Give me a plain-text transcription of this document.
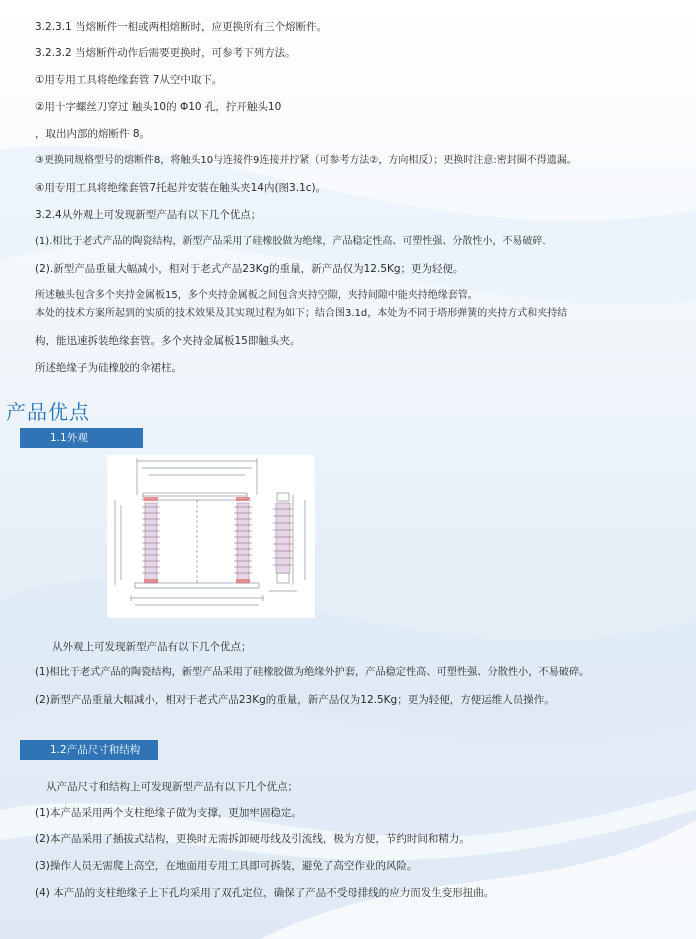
3.2.3.1 当熔断件一相或两相熔断时，应更换所有三个熔断件。
3.2.3.2 当熔断件动作后需要更换时，可参考下列方法。
①用专用工具将绝缘套管 7从空中取下。
②用十字螺丝刀穿过 触头10的 Φ10 孔，拧开触头10
，取出内部的熔断件 8。
③更换同规格型号的熔断件8，将触头10与连接件9连接并拧紧（可参考方法②，方向相反）；更换时注意:密封圈不得遗漏。
④用专用工具将绝缘套管7托起并安装在触头夹14内(图3.1c)。
3.2.4从外观上可发现新型产品有以下几个优点；
(1).相比于老式产品的陶瓷结构，新型产品采用了硅橡胶做为绝缘，产品稳定性高、可塑性强、分散性小，不易破碎.
(2).新型产品重量大幅减小，相对于老式产品23Kg的重量，新产品仅为12.5Kg；更为轻便。
所述触头包含多个夹持金属板15，多个夹持金属板之间包含夹持空隙，夹持间隙中能夹持绝缘套管。
本处的技术方案所起到的实质的技术效果及其实现过程为如下；结合图3.1d，本处为不同于塔形弹簧的夹持方式和夹持结
构，能迅速拆装绝缘套管。多个夹持金属板15即触头夹。
所述绝缘子为硅橡胶的伞裙柱。
产品优点
1.1外观
从外观上可发现新型产品有以下几个优点；
(1)相比于老式产品的陶瓷结构，新型产品采用了硅橡胶做为绝缘外护套，产品稳定性高、可塑性强、分散性小，不易破碎。
(2)新型产品重量大幅减小，相对于老式产品23Kg的重量，新产品仅为12.5Kg；更为轻便，方便运维人员操作。
1.2产品尺寸和结构
从产品尺寸和结构上可发现新型产品有以下几个优点；
(1)本产品采用两个支柱绝缘子做为支撑，更加牢固稳定。
(2)本产品采用了插拔式结构，更换时无需拆卸硬母线及引流线，极为方便，节约时间和精力。
(3)操作人员无需爬上高空，在地面用专用工具即可拆装，避免了高空作业的风险。
(4) 本产品的支柱绝缘子上下孔均采用了双孔定位，确保了产品不受母排线的应力而发生变形扭曲。
